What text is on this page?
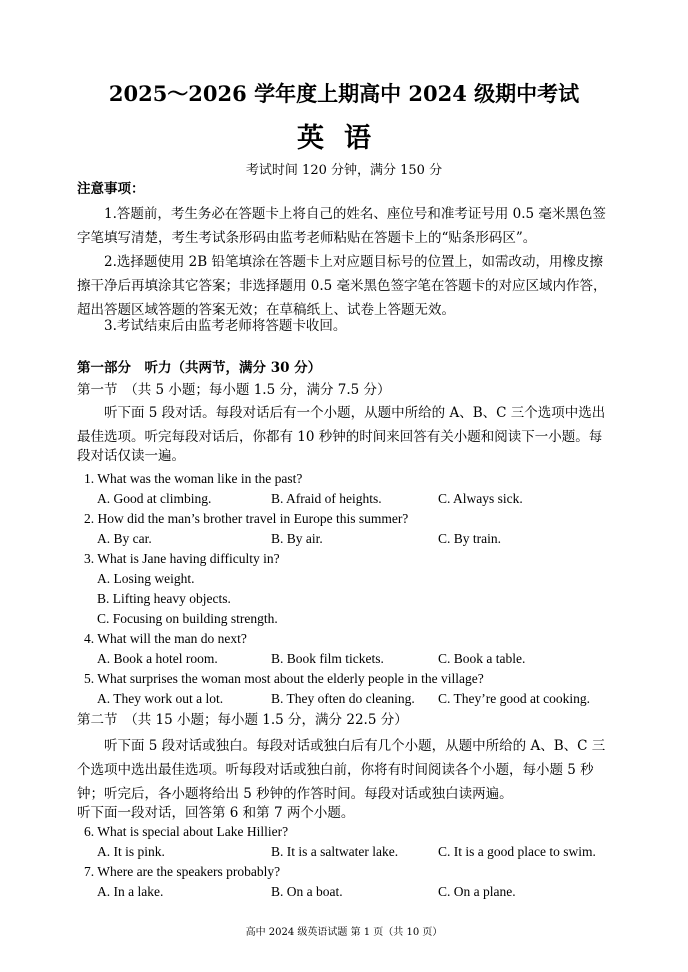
2025～2026 学年度上期高中 2024 级期中考试
英语
考试时间 120 分钟，满分 150 分
注意事项：
1.答题前，考生务必在答题卡上将自己的姓名、座位号和准考证号用 0.5 毫米黑色签
字笔填写清楚，考生考试条形码由监考老师粘贴在答题卡上的“贴条形码区”。
2.选择题使用 2B 铅笔填涂在答题卡上对应题目标号的位置上，如需改动，用橡皮擦
擦干净后再填涂其它答案；非选择题用 0.5 毫米黑色签字笔在答题卡的对应区域内作答，
超出答题区域答题的答案无效；在草稿纸上、试卷上答题无效。
3.考试结束后由监考老师将答题卡收回。
第一部分　听力（共两节，满分 30 分）
第一节　（共 5 小题；每小题 1.5 分，满分 7.5 分）
听下面 5 段对话。每段对话后有一个小题，从题中所给的 A、B、C 三个选项中选出
最佳选项。听完每段对话后，你都有 10 秒钟的时间来回答有关小题和阅读下一小题。每
段对话仅读一遍。
1. What was the woman like in the past?
A. Good at climbing.	B. Afraid of heights.	C. Always sick.
2. How did the man’s brother travel in Europe this summer?
A. By car.	B. By air.	C. By train.
3. What is Jane having difficulty in?
A. Losing weight.
B. Lifting heavy objects.
C. Focusing on building strength.
4. What will the man do next?
A. Book a hotel room.	B. Book film tickets.	C. Book a table.
5. What surprises the woman most about the elderly people in the village?
A. They work out a lot.	B. They often do cleaning. C. They’re good at cooking.
第二节　（共 15 小题；每小题 1.5 分，满分 22.5 分）
听下面 5 段对话或独白。每段对话或独白后有几个小题，从题中所给的 A、B、C 三
个选项中选出最佳选项。听每段对话或独白前，你将有时间阅读各个小题，每小题 5 秒
钟；听完后，各小题将给出 5 秒钟的作答时间。每段对话或独白读两遍。
听下面一段对话，回答第 6 和第 7 两个小题。
6. What is special about Lake Hillier?
A. It is pink.	B. It is a saltwater lake.	C. It is a good place to swim.
7. Where are the speakers probably?
A. In a lake.	B. On a boat.	C. On a plane.
高中 2024 级英语试题 第 1 页（共 10 页）
